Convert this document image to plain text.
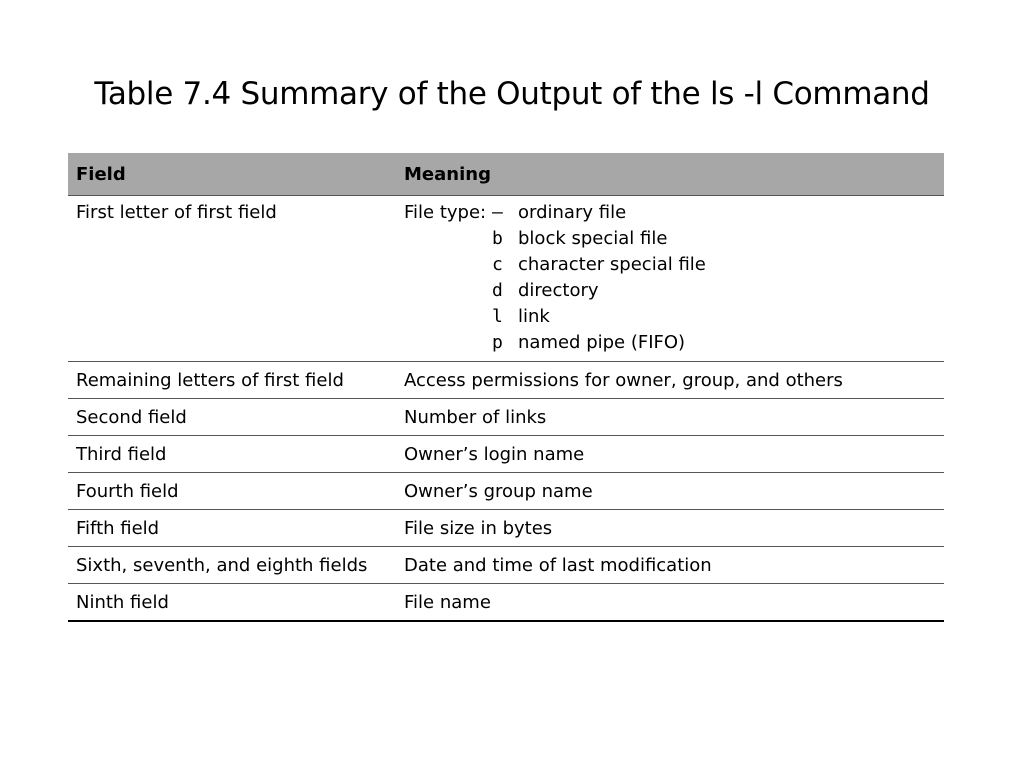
Table 7.4 Summary of the Output of the ls -l Command
Field	Meaning
First letter of first field	File type: – ordinary file
b block special file
c character special file
d directory
l link
p named pipe (FIFO)
Remaining letters of first field	Access permissions for owner, group, and others
Second field	Number of links
Third field	Owner’s login name
Fourth field	Owner’s group name
Fifth field	File size in bytes
Sixth, seventh, and eighth fields	Date and time of last modification
Ninth field	File name
